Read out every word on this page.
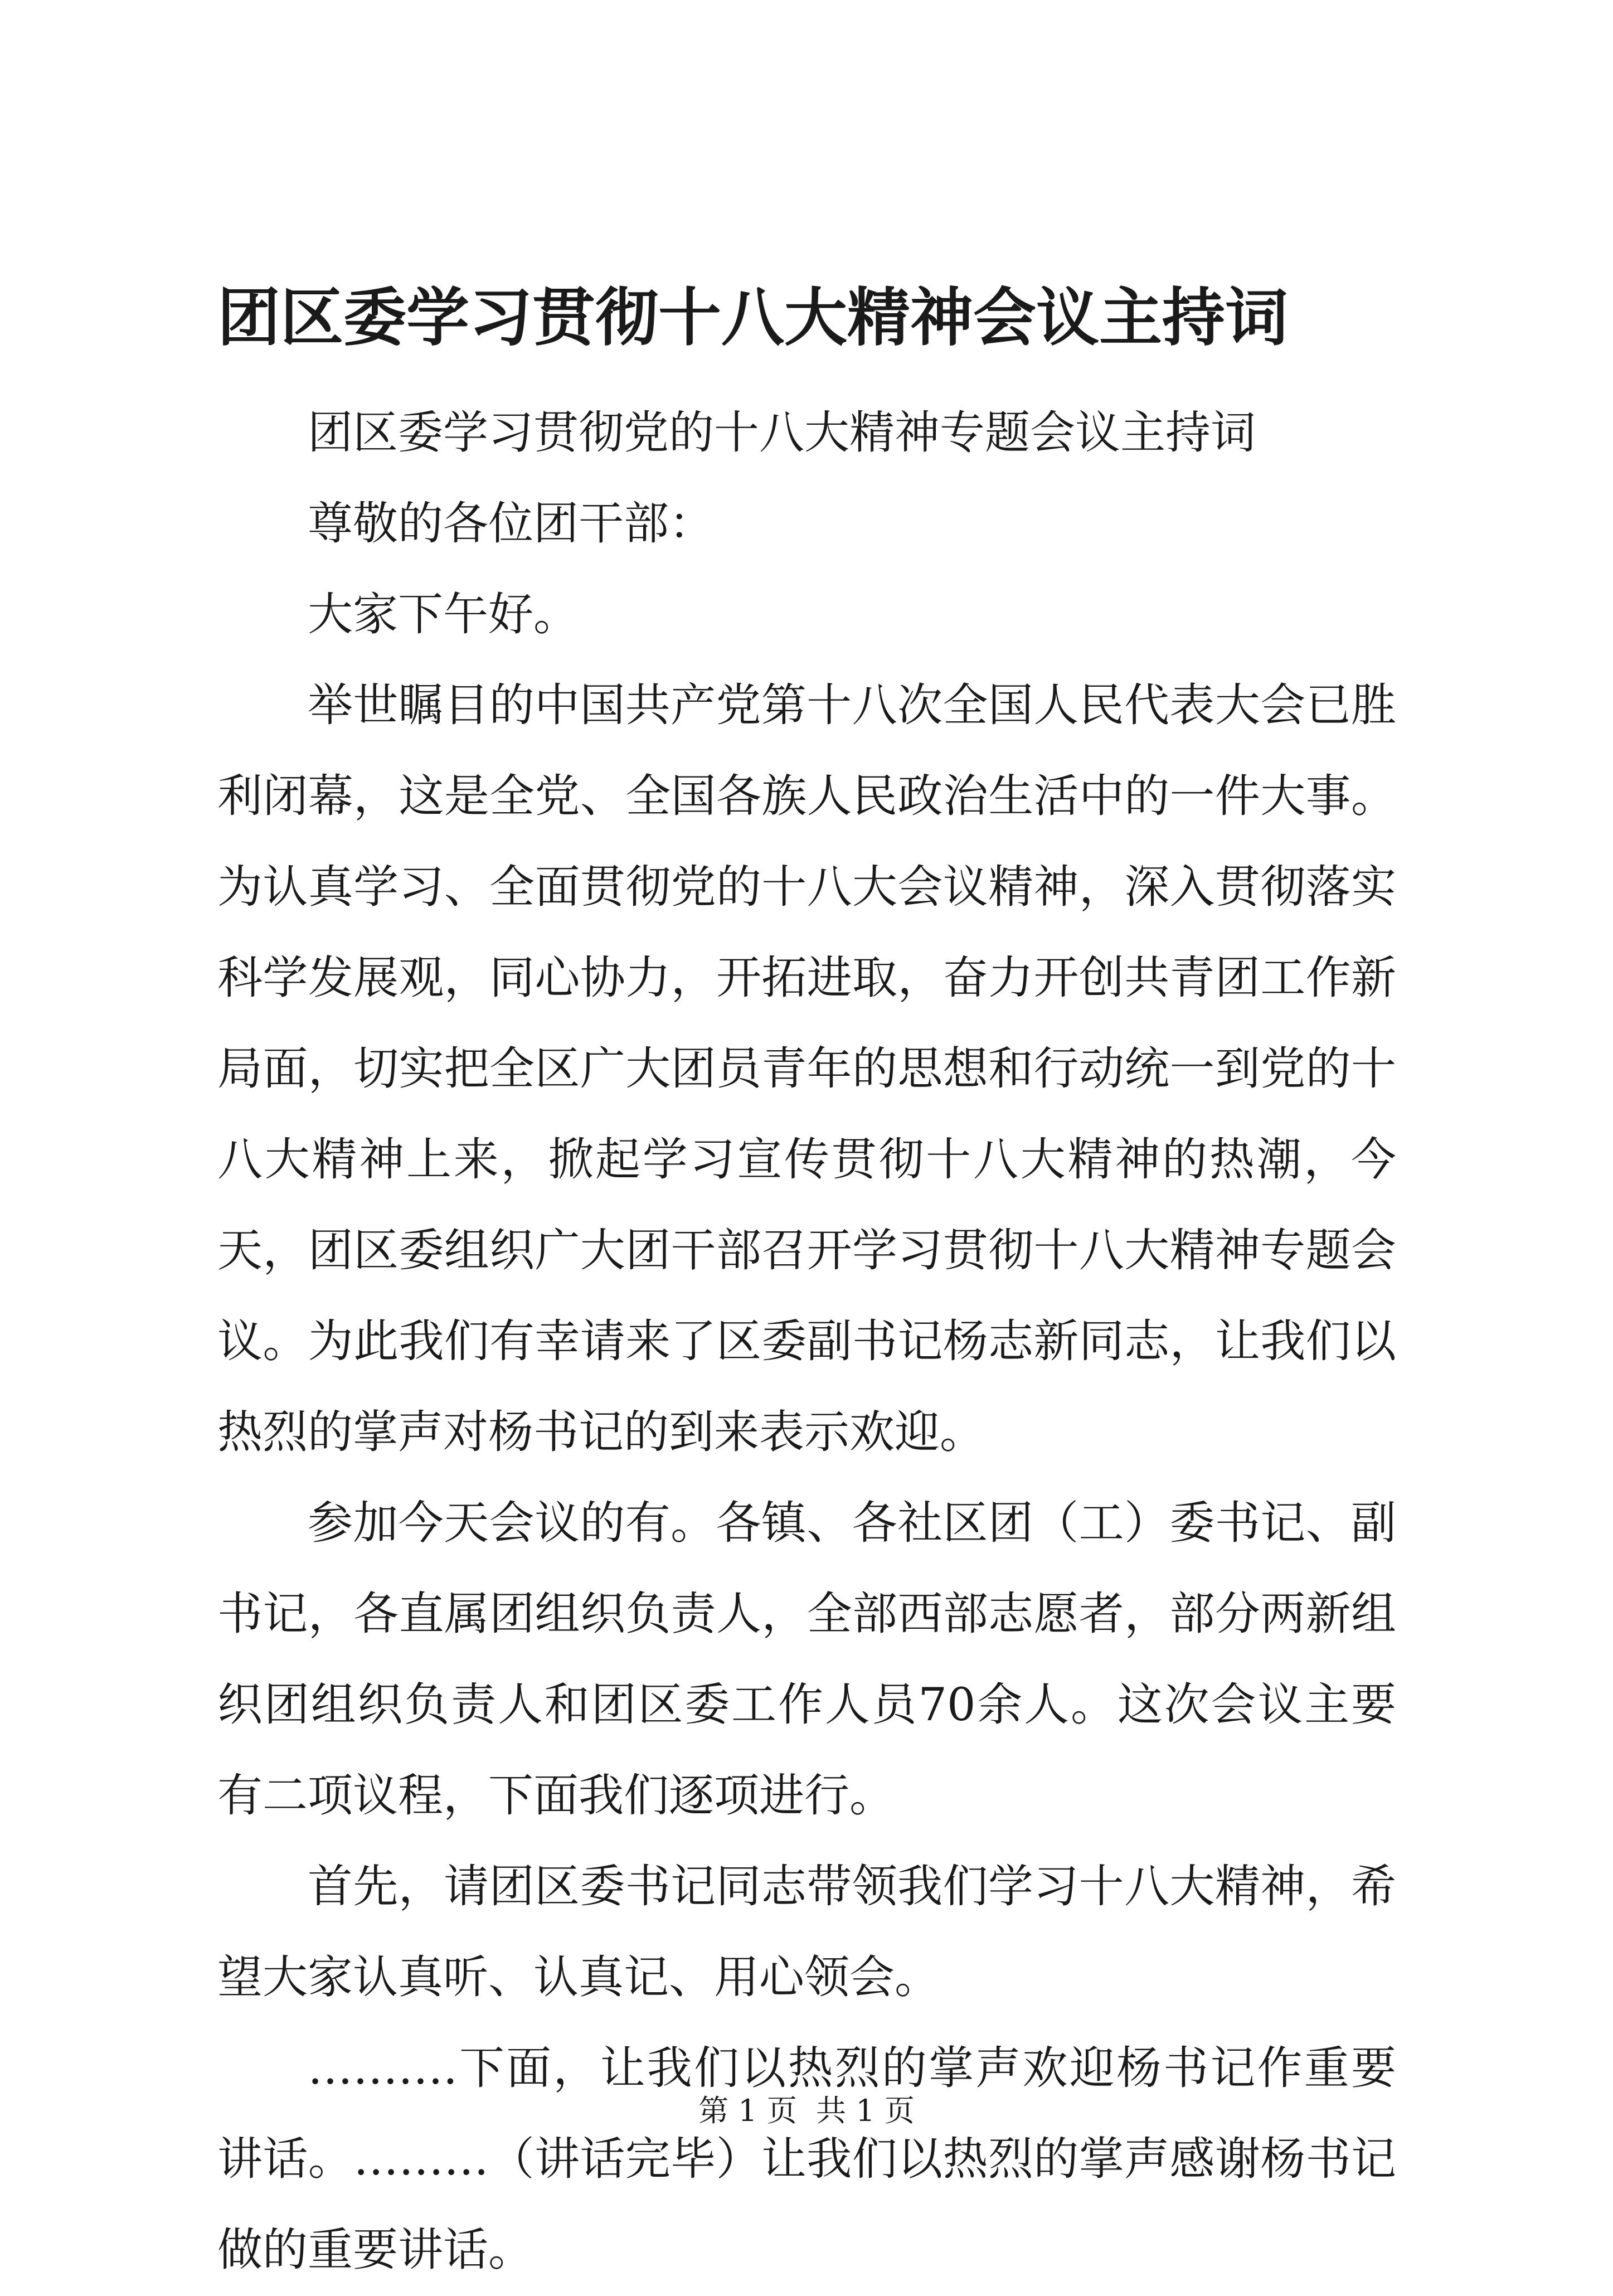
团区委学习贯彻十八大精神会议主持词

团区委学习贯彻党的十八大精神专题会议主持词

尊敬的各位团干部：

大家下午好。

举世瞩目的中国共产党第十八次全国人民代表大会已胜利闭幕，这是全党、全国各族人民政治生活中的一件大事。为认真学习、全面贯彻党的十八大会议精神，深入贯彻落实科学发展观，同心协力，开拓进取，奋力开创共青团工作新局面，切实把全区广大团员青年的思想和行动统一到党的十八大精神上来，掀起学习宣传贯彻十八大精神的热潮，今天，团区委组织广大团干部召开学习贯彻十八大精神专题会议。为此我们有幸请来了区委副书记杨志新同志，让我们以热烈的掌声对杨书记的到来表示欢迎。

参加今天会议的有。各镇、各社区团（工）委书记、副书记，各直属团组织负责人，全部西部志愿者，部分两新组织团组织负责人和团区委工作人员70余人。这次会议主要有二项议程，下面我们逐项进行。

首先，请团区委书记同志带领我们学习十八大精神，希望大家认真听、认真记、用心领会。

……….下面，让我们以热烈的掌声欢迎杨书记作重要讲话。………（讲话完毕）让我们以热烈的掌声感谢杨书记做的重要讲话。

第 1 页  共 1 页
